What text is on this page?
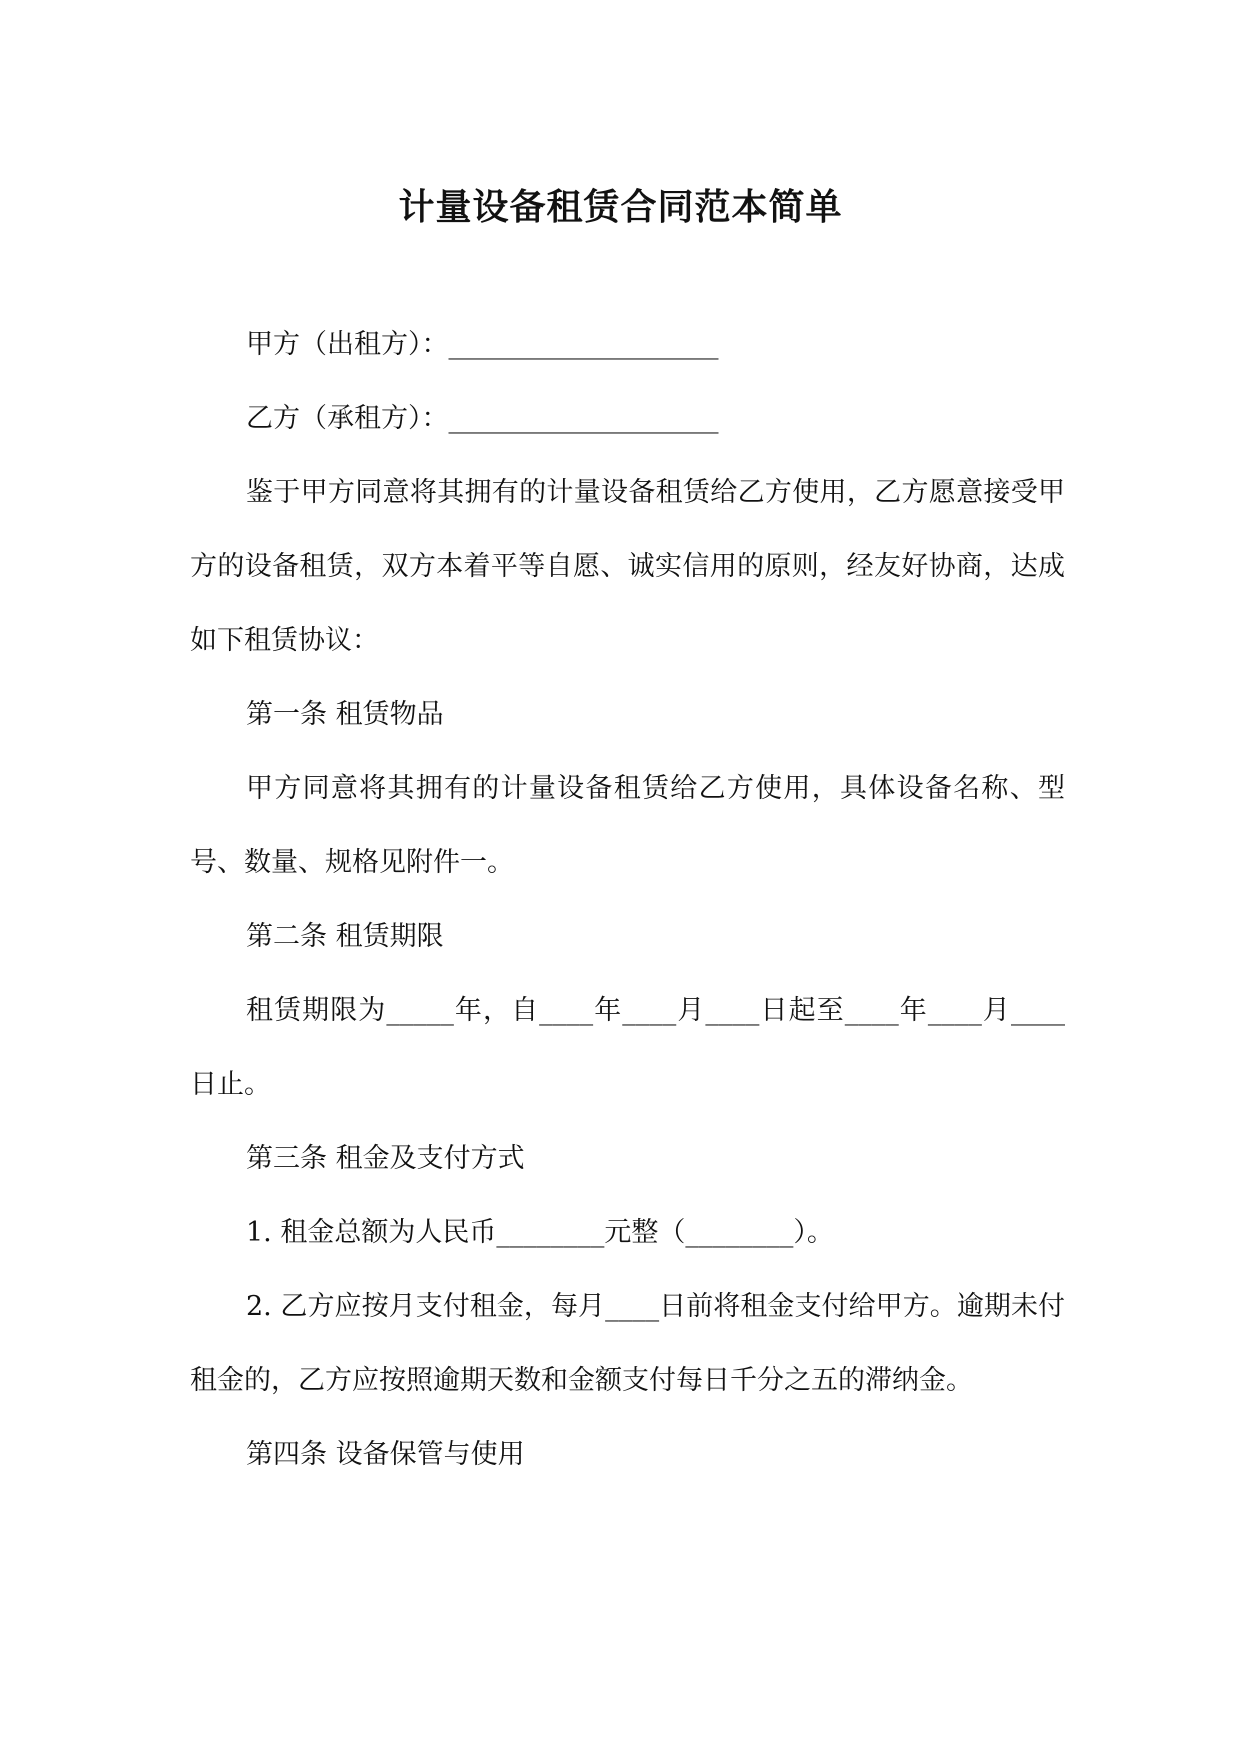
计量设备租赁合同范本简单

甲方（出租方）：____________________

乙方（承租方）：____________________

鉴于甲方同意将其拥有的计量设备租赁给乙方使用，乙方愿意接受甲方的设备租赁，双方本着平等自愿、诚实信用的原则，经友好协商，达成如下租赁协议：

第一条 租赁物品

甲方同意将其拥有的计量设备租赁给乙方使用，具体设备名称、型号、数量、规格见附件一。

第二条 租赁期限

租赁期限为_____年，自____年____月____日起至____年____月____日止。

第三条 租金及支付方式

1. 租金总额为人民币________元整（________）。

2. 乙方应按月支付租金，每月____日前将租金支付给甲方。逾期未付租金的，乙方应按照逾期天数和金额支付每日千分之五的滞纳金。

第四条 设备保管与使用
